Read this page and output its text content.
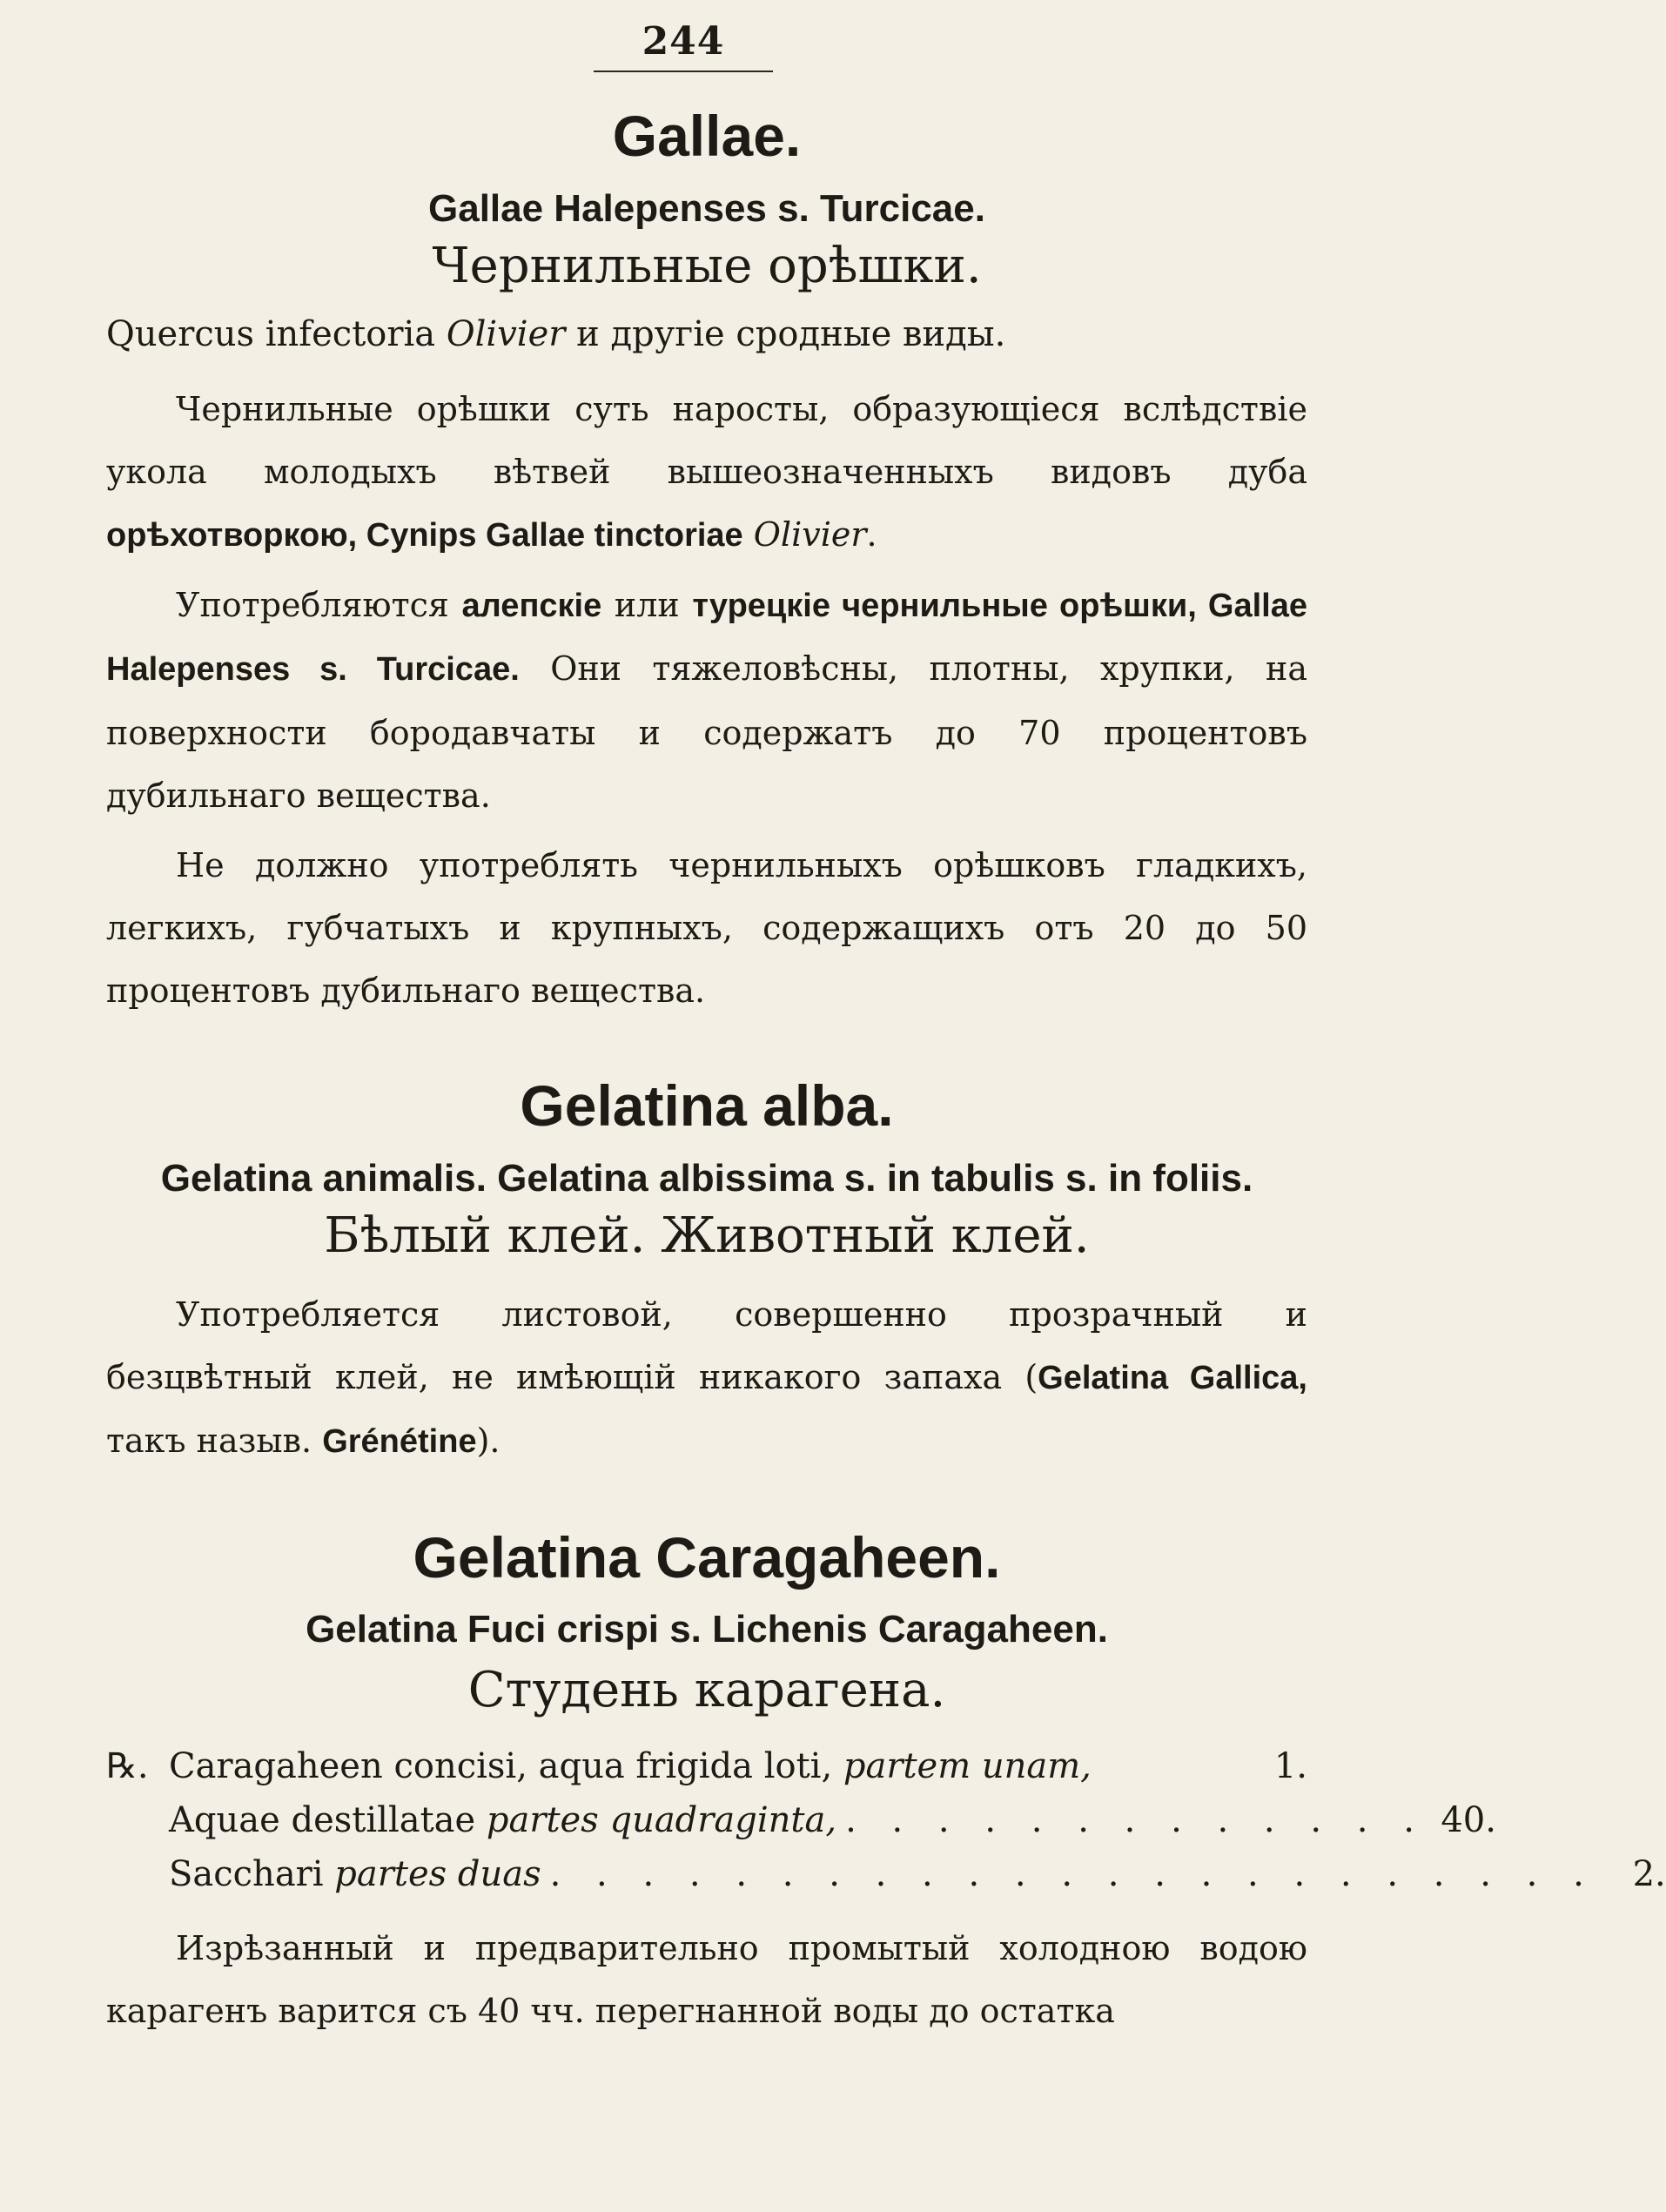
244
Gallae.
Gallae Halepenses s. Turcicae.
Чернильные орѣшки.

Quercus infectoria Olivier и другіе сродные виды.

Чернильные орѣшки суть наросты, образующіеся вслѣдствіе укола молодыхъ вѣтвей вышеозначенныхъ видовъ дуба орѣхотворкою, Cynips Gallae tinctoriae Olivier.

Употребляются алепскіе или турецкіе чернильные орѣшки, Gallae Halepenses s. Turcicae. Они тяжеловѣсны, плотны, хрупки, на поверхности бородавчаты и содержатъ до 70 процентовъ дубильнаго вещества.

Не должно употреблять чернильныхъ орѣшковъ гладкихъ, легкихъ, губчатыхъ и крупныхъ, содержащихъ отъ 20 до 50 процентовъ дубильнаго вещества.

Gelatina alba.
Gelatina animalis. Gelatina albissima s. in tabulis s. in foliis.
Бѣлый клей. Животный клей.

Употребляется листовой, совершенно прозрачный и безцвѣтный клей, не имѣющій никакого запаха (Gelatina Gallica, такъ назыв. Grénétine).

Gelatina Caragaheen.
Gelatina Fuci crispi s. Lichenis Caragaheen.
Студень карагена.
℞. Caragaheen concisi, aqua frigida loti, partem unam,	1.
Aquae destillatae partes quadraginta, . . . . . . . . . . . . . 40.
Sacchari partes duas . . . . . . . . . . . . . . . . . . . . . . .	2.

Изрѣзанный и предварительно промытый холодною водою карагенъ варится съ 40 чч. перегнанной воды до остатка
